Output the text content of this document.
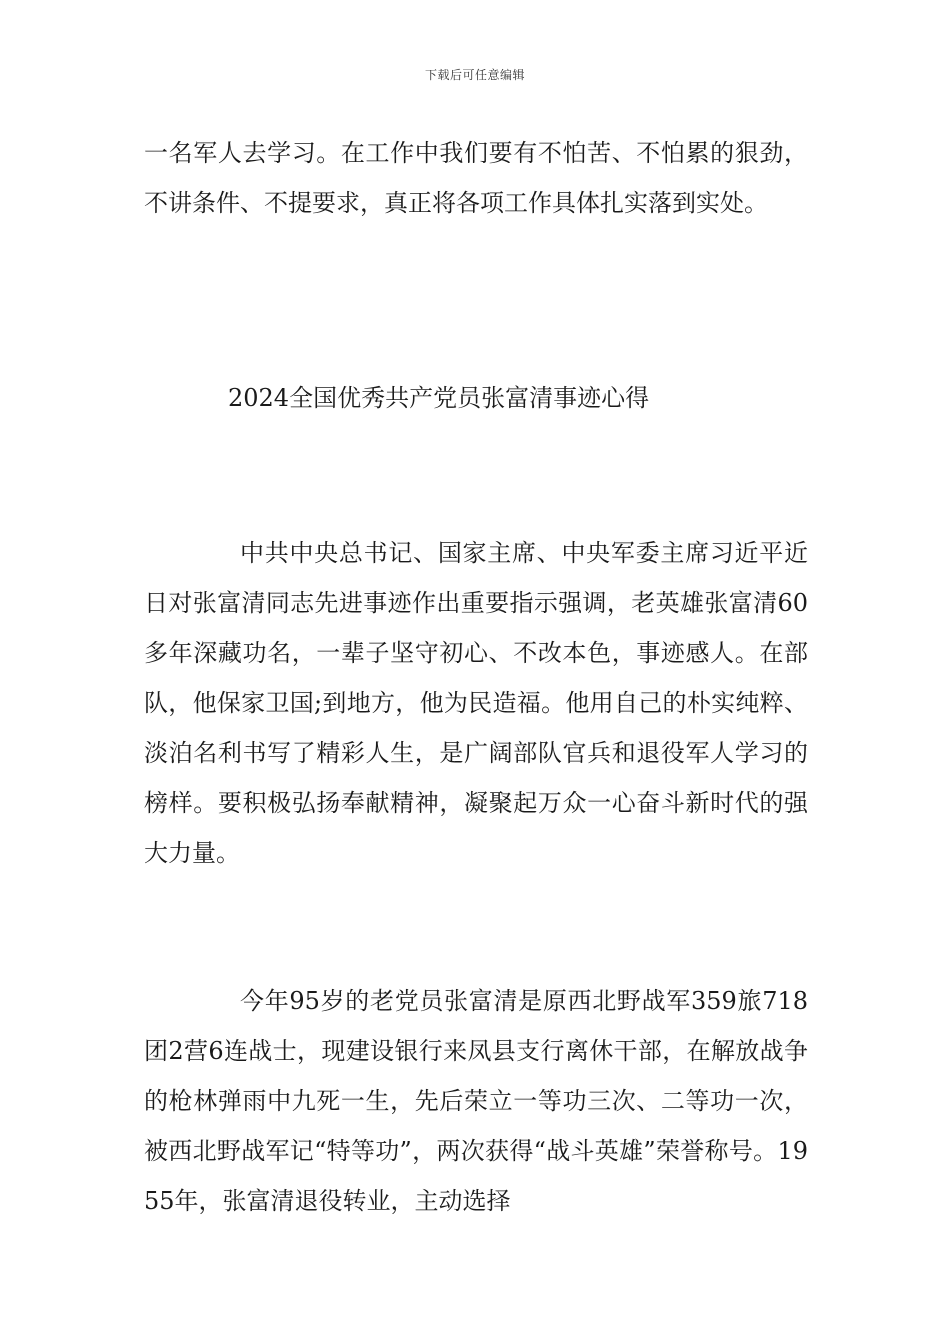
下载后可任意编辑

一名军人去学习。在工作中我们要有不怕苦、不怕累的狠劲，不讲条件、不提要求，真正将各项工作具体扎实落到实处。

2024全国优秀共产党员张富清事迹心得

中共中央总书记、国家主席、中央军委主席习近平近日对张富清同志先进事迹作出重要指示强调，老英雄张富清60多年深藏功名，一辈子坚守初心、不改本色，事迹感人。在部队，他保家卫国;到地方，他为民造福。他用自己的朴实纯粹、淡泊名利书写了精彩人生，是广阔部队官兵和退役军人学习的榜样。要积极弘扬奉献精神，凝聚起万众一心奋斗新时代的强大力量。

今年95岁的老党员张富清是原西北野战军359旅718团2营6连战士，现建设银行来凤县支行离休干部，在解放战争的枪林弹雨中九死一生，先后荣立一等功三次、二等功一次，被西北野战军记“特等功”，两次获得“战斗英雄”荣誉称号。1955年，张富清退役转业，主动选择
